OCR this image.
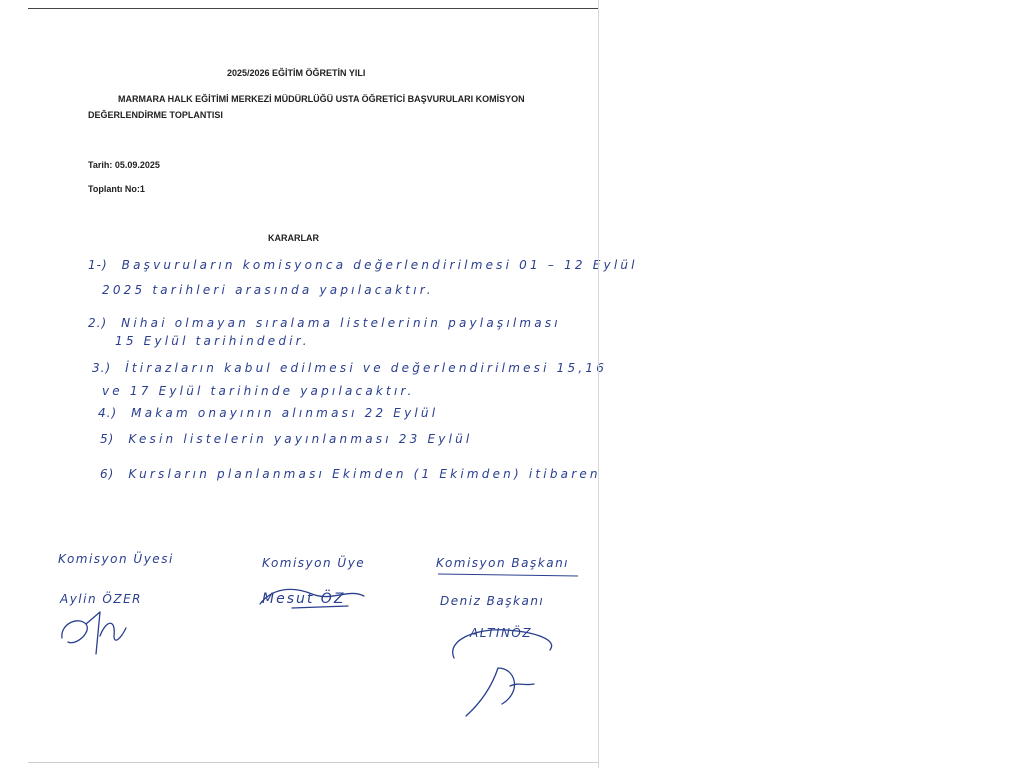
2025/2026 EĞİTİM ÖĞRETİN YILI
MARMARA HALK EĞİTİMİ MERKEZİ MÜDÜRLÜĞÜ USTA ÖĞRETİCİ BAŞVURULARI KOMİSYON
DEĞERLENDİRME TOPLANTISI
Tarih: 05.09.2025
Toplantı No:1
KARARLAR
1-) Başvuruların komisyonca değerlendirilmesi 01 – 12 Eylül
2025 tarihleri arasında yapılacaktır.
2.) Nihai olmayan sıralama listelerinin paylaşılması
15 Eylül tarihindedir.
3.) İtirazların kabul edilmesi ve değerlendirilmesi 15,16
ve 17 Eylül tarihinde yapılacaktır.
4.) Makam onayının alınması 22 Eylül
5) Kesin listelerin yayınlanması 23 Eylül
6) Kursların planlanması Ekimden (1 Ekimden) itibaren
Komisyon Üyesi
Aylin ÖZER
Komisyon Üye
Mesut ÖZ
Komisyon Başkanı
Deniz Başkanı
ALTINÖZ
